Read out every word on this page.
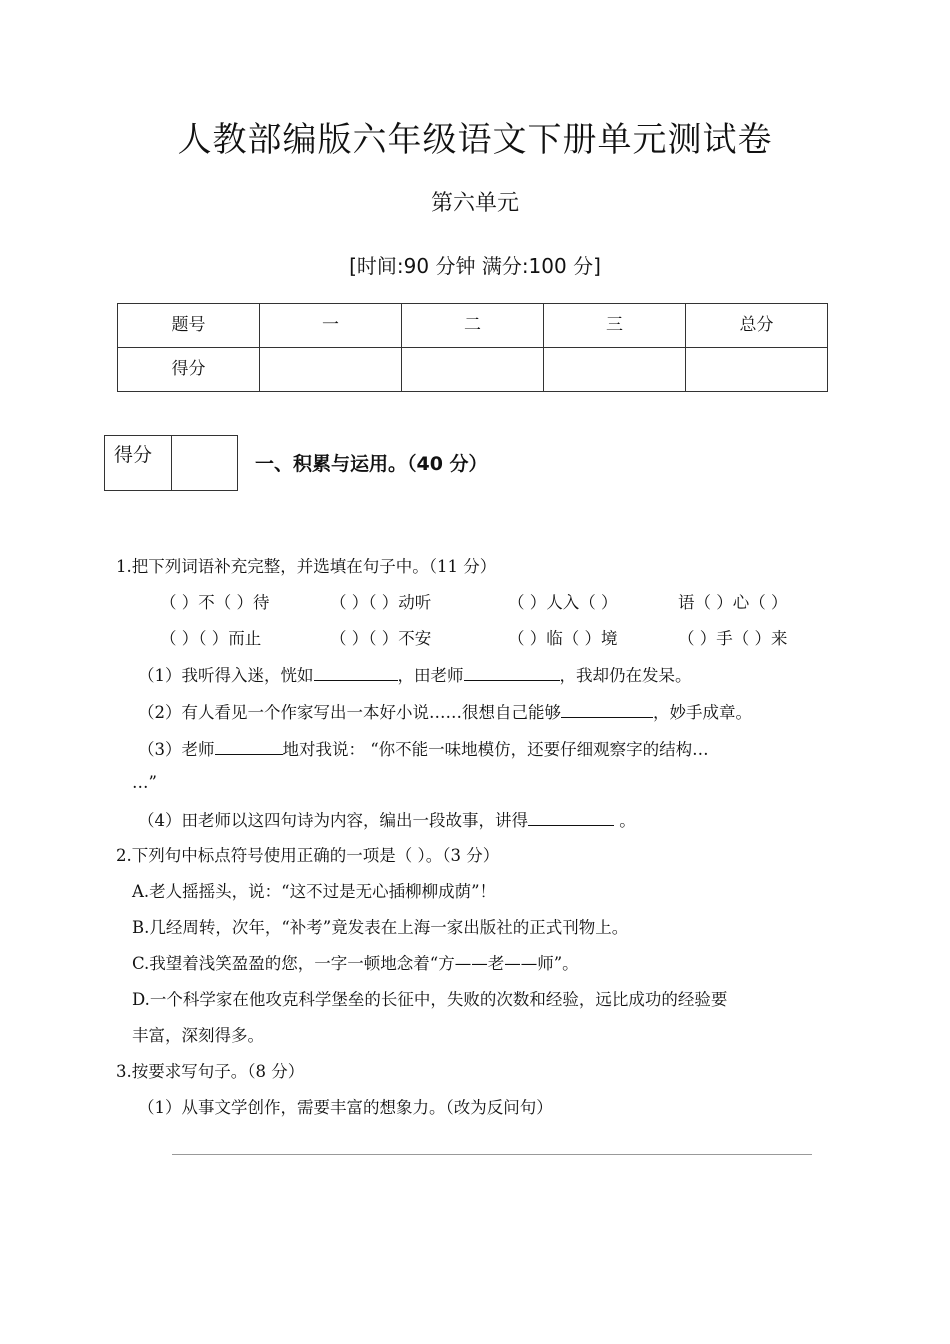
人教部编版六年级语文下册单元测试卷
第六单元
[时间:90 分钟 满分:100 分]
题号	一	二	三	总分
得分				
得分	一、积累与运用。（40 分）
1.把下列词语补充完整，并选填在句子中。（11 分）
（ ）不（ ）待	（ ）（ ）动听	（ ）人入（ ）	语（ ）心（ ）
（ ）（ ）而止	（ ）（ ）不安	（ ）临（ ）境	（ ）手（ ）来
（1）我听得入迷，恍如	，田老师	，我却仍在发呆。
（2）有人看见一个作家写出一本好小说……很想自己能够	，妙手成章。
（3）老师	地对我说： “你不能一味地模仿，还要仔细观察字的结构…
…”
（4）田老师以这四句诗为内容，编出一段故事，讲得	。
2.下列句中标点符号使用正确的一项是（ ）。（3 分）
A.老人摇摇头，说：“这不过是无心插柳柳成荫”！
B.几经周转，次年，“补考”竟发表在上海一家出版社的正式刊物上。
C.我望着浅笑盈盈的您，一字一顿地念着“方——老——师”。
D.一个科学家在他攻克科学堡垒的长征中，失败的次数和经验，远比成功的经验要
丰富，深刻得多。
3.按要求写句子。（8 分）
（1）从事文学创作，需要丰富的想象力。（改为反问句）
